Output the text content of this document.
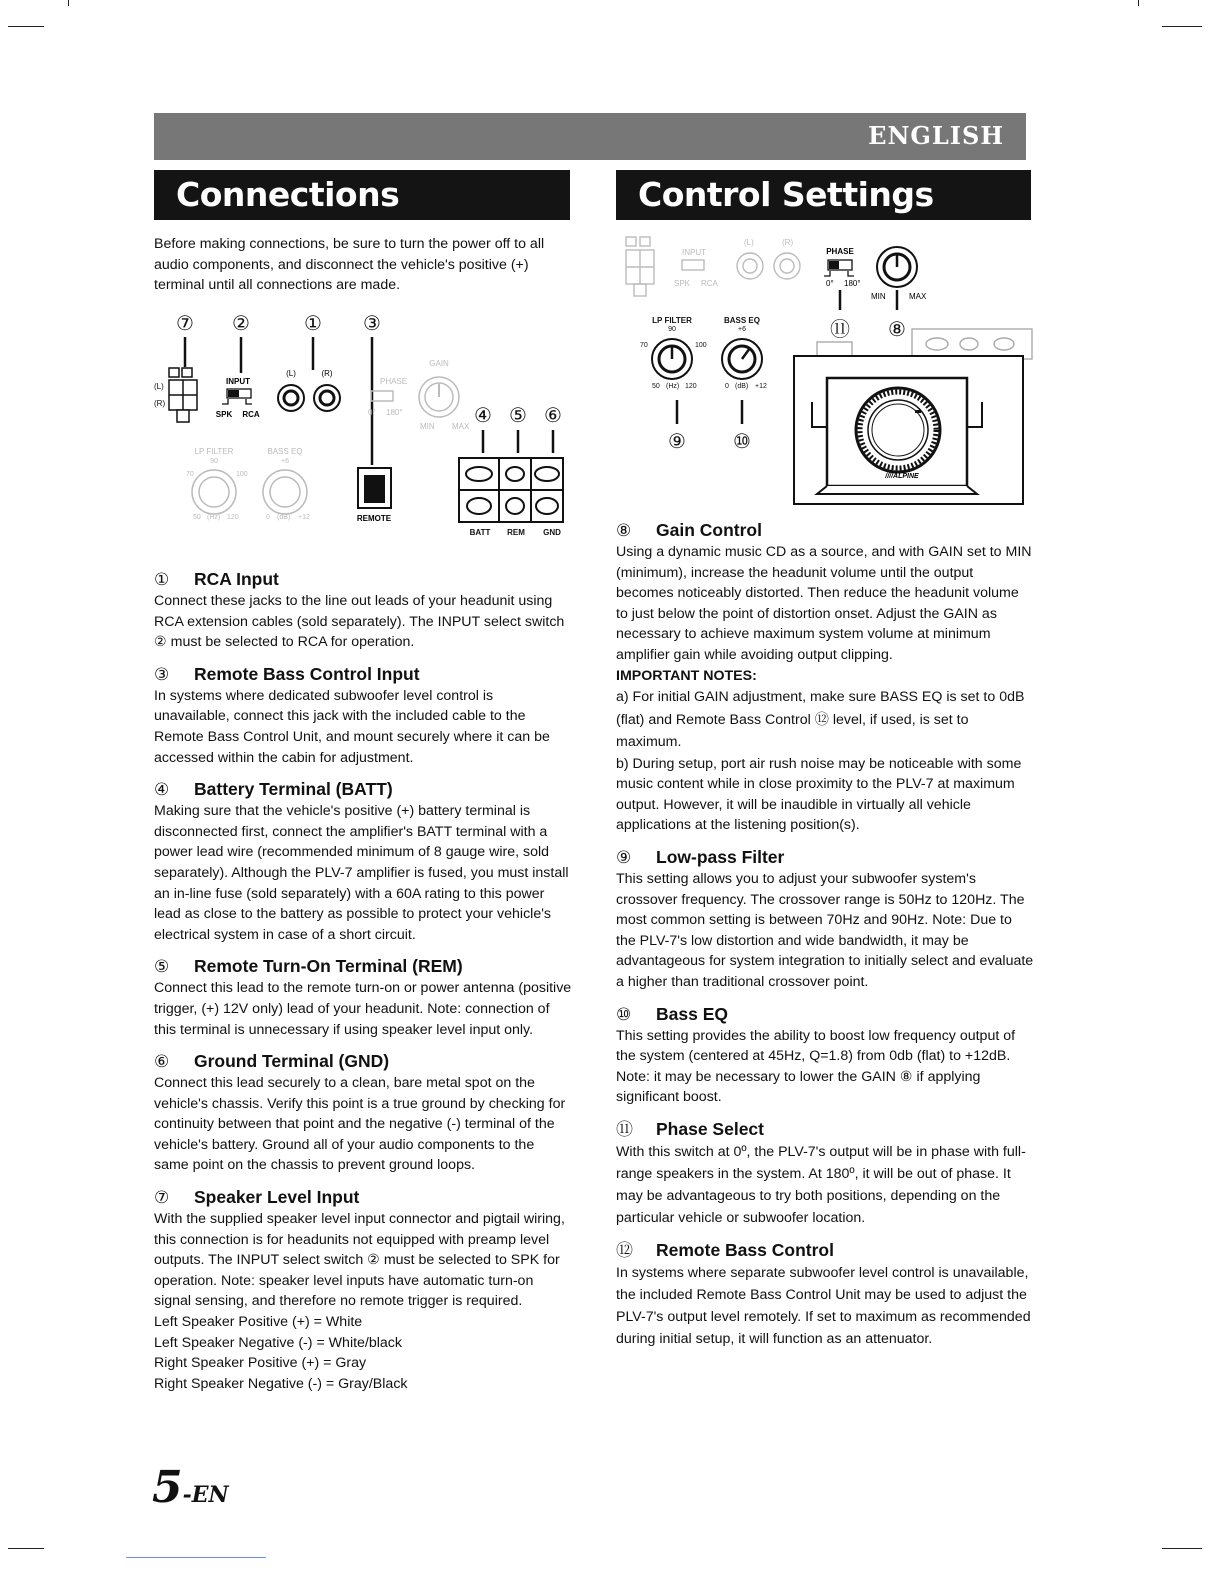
ENGLISH
Connections	Control Settings

Before making connections, be sure to turn the power off to all audio components, and disconnect the vehicle's positive (+) terminal until all connections are made.

⑦ ②	① ③
④ ⑤ ⑥
(L)
(R)
INPUT
SPK RCA
(L)	(R)
PHASE
0° 180°
GAIN
MIN MAX
LP FILTER	BASS EQ
90
70	100
50 (Hz) 120
+6
0 (dB) +12	REMOTE
BATT REM GND
① RCA Input

Connect these jacks to the line out leads of your headunit using RCA extension cables (sold separately). The INPUT select switch ② must be selected to RCA for operation.

③ Remote Bass Control Input

In systems where dedicated subwoofer level control is unavailable, connect this jack with the included cable to the Remote Bass Control Unit, and mount securely where it can be accessed within the cabin for adjustment.

④ Battery Terminal (BATT)

Making sure that the vehicle's positive (+) battery terminal is disconnected first, connect the amplifier's BATT terminal with a power lead wire (recommended minimum of 8 gauge wire, sold separately). Although the PLV-7 amplifier is fused, you must install an in-line fuse (sold separately) with a 60A rating to this power lead as close to the battery as possible to protect your vehicle's electrical system in case of a short circuit.

⑤ Remote Turn-On Terminal (REM)

Connect this lead to the remote turn-on or power antenna (positive trigger, (+) 12V only) lead of your headunit. Note: connection of this terminal is unnecessary if using speaker level input only.

⑥ Ground Terminal (GND)

Connect this lead securely to a clean, bare metal spot on the vehicle's chassis. Verify this point is a true ground by checking for continuity between that point and the negative (-) terminal of the vehicle's battery. Ground all of your audio components to the same point on the chassis to prevent ground loops.

⑦ Speaker Level Input

With the supplied speaker level input connector and pigtail wiring, this connection is for headunits not equipped with preamp level outputs. The INPUT select switch ② must be selected to SPK for operation. Note: speaker level inputs have automatic turn-on signal sensing, and therefore no remote trigger is required.

Left Speaker Positive (+) = White

Left Speaker Negative (-) = White/black

Right Speaker Positive (+) = Gray

Right Speaker Negative (-) = Gray/Black

INPUT
(L)	(R)
SPK RCA
PHASE
0° 180°
MIN	MAX
⑪ ⑧
⑨ ⑩
LP FILTER	BASS EQ
90
70	100
50 (Hz) 120
+6
0 (dB) +12
////ALPINE
⑧ Gain Control

Using a dynamic music CD as a source, and with GAIN set to MIN (minimum), increase the headunit volume until the output becomes noticeably distorted. Then reduce the headunit volume to just below the point of distortion onset. Adjust the GAIN as necessary to achieve maximum system volume at minimum amplifier gain while avoiding output clipping.

IMPORTANT NOTES:

a) For initial GAIN adjustment, make sure BASS EQ is set to 0dB (flat) and Remote Bass Control ⑫ level, if used, is set to maximum.

b) During setup, port air rush noise may be noticeable with some music content while in close proximity to the PLV-7 at maximum output. However, it will be inaudible in virtually all vehicle applications at the listening position(s).

⑨ Low-pass Filter

This setting allows you to adjust your subwoofer system's crossover frequency. The crossover range is 50Hz to 120Hz. The most common setting is between 70Hz and 90Hz. Note: Due to the PLV-7's low distortion and wide bandwidth, it may be advantageous for system integration to initially select and evaluate a higher than traditional crossover point.

⑩ Bass EQ

This setting provides the ability to boost low frequency output of the system (centered at 45Hz, Q=1.8) from 0db (flat) to +12dB. Note: it may be necessary to lower the GAIN ⑧ if applying significant boost.

⑪ Phase Select

With this switch at 0º, the PLV-7's output will be in phase with full-range speakers in the system. At 180º, it will be out of phase. It may be advantageous to try both positions, depending on the particular vehicle or subwoofer location.

⑫ Remote Bass Control

In systems where separate subwoofer level control is unavailable, the included Remote Bass Control Unit may be used to adjust the PLV-7's output level remotely. If set to maximum as recommended during initial setup, it will function as an attenuator.

5-EN
